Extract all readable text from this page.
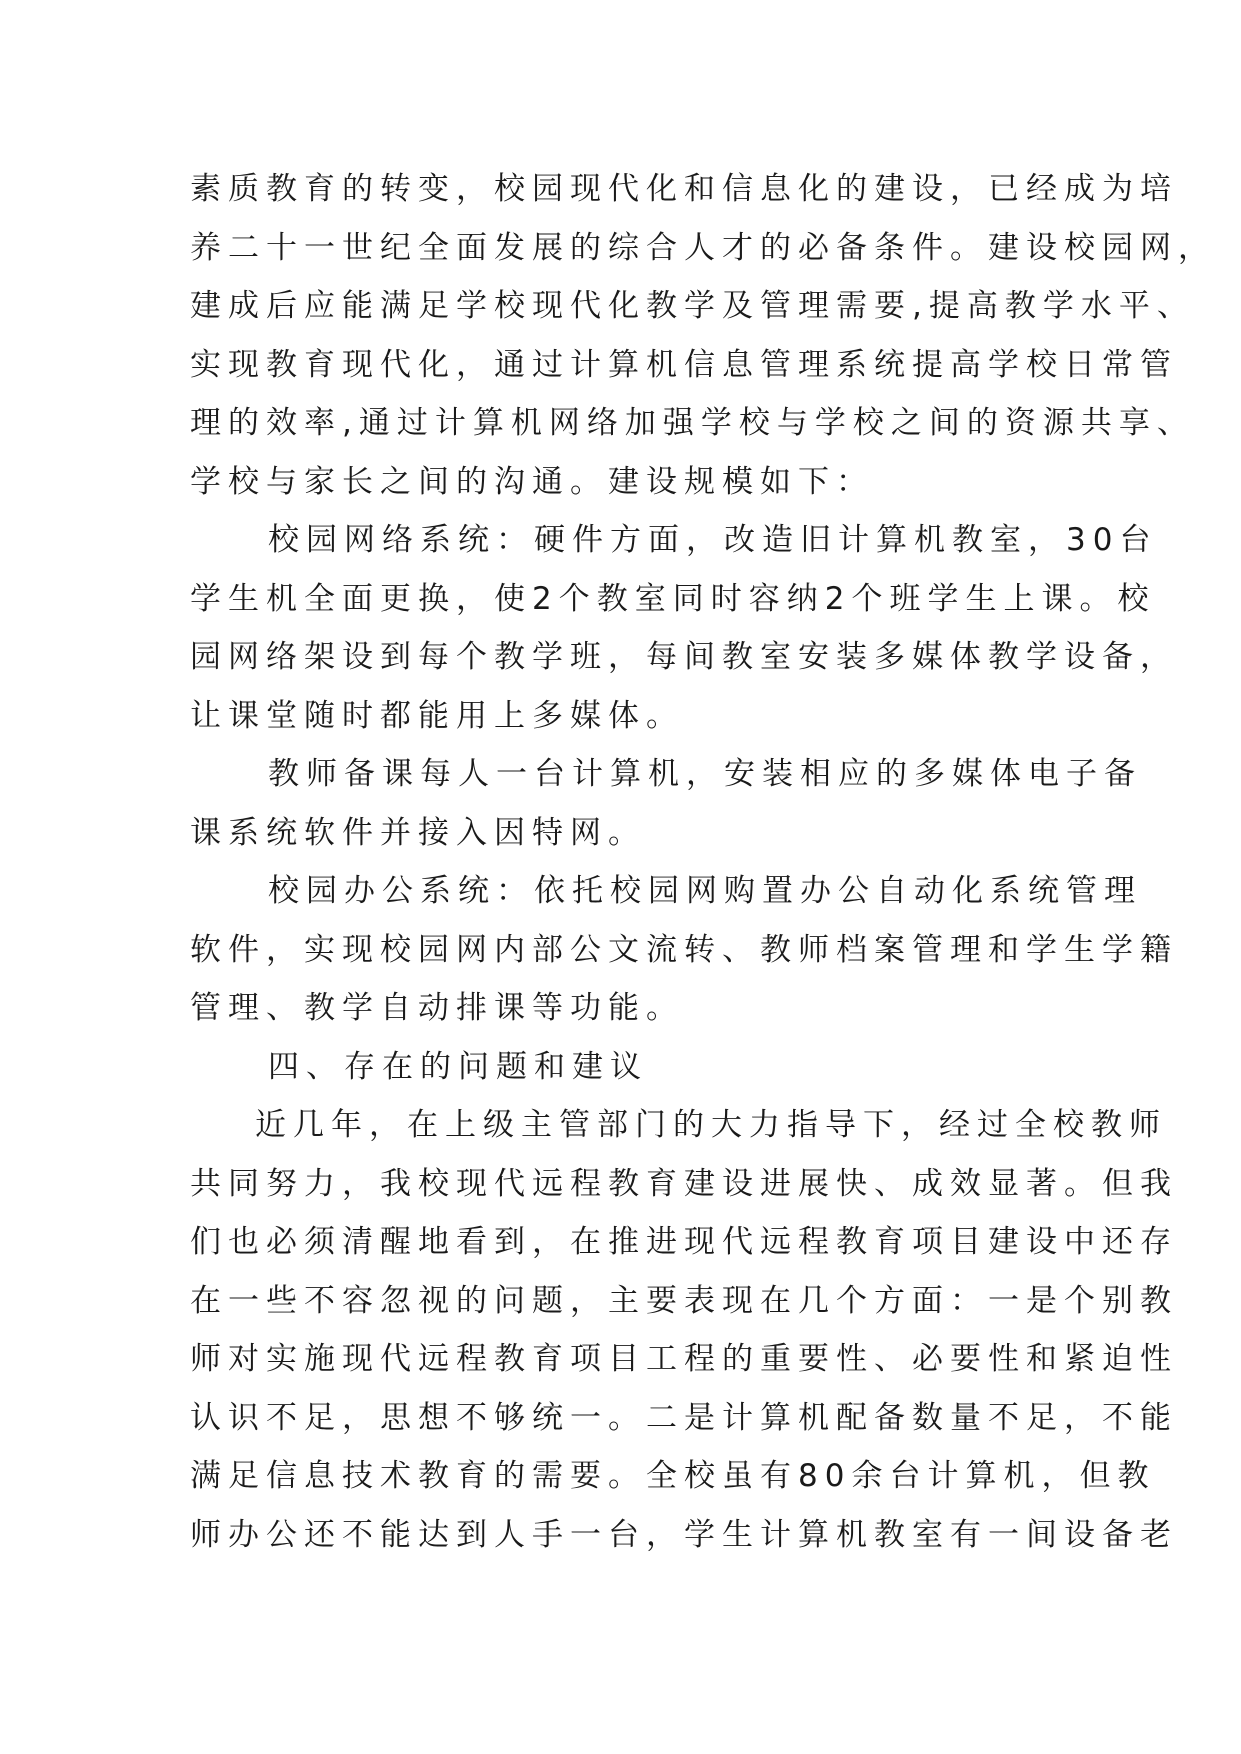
素质教育的转变，校园现代化和信息化的建设，已经成为培
养二十一世纪全面发展的综合人才的必备条件。建设校园网，
建成后应能满足学校现代化教学及管理需要,提高教学水平、
实现教育现代化，通过计算机信息管理系统提高学校日常管
理的效率,通过计算机网络加强学校与学校之间的资源共享、
学校与家长之间的沟通。建设规模如下：
校园网络系统：硬件方面，改造旧计算机教室，30台
学生机全面更换，使2个教室同时容纳2个班学生上课。校
园网络架设到每个教学班，每间教室安装多媒体教学设备，
让课堂随时都能用上多媒体。
教师备课每人一台计算机，安装相应的多媒体电子备
课系统软件并接入因特网。
校园办公系统：依托校园网购置办公自动化系统管理
软件，实现校园网内部公文流转、教师档案管理和学生学籍
管理、教学自动排课等功能。
四、存在的问题和建议
近几年，在上级主管部门的大力指导下，经过全校教师
共同努力，我校现代远程教育建设进展快、成效显著。但我
们也必须清醒地看到，在推进现代远程教育项目建设中还存
在一些不容忽视的问题，主要表现在几个方面：一是个别教
师对实施现代远程教育项目工程的重要性、必要性和紧迫性
认识不足，思想不够统一。二是计算机配备数量不足，不能
满足信息技术教育的需要。全校虽有80余台计算机，但教
师办公还不能达到人手一台，学生计算机教室有一间设备老
